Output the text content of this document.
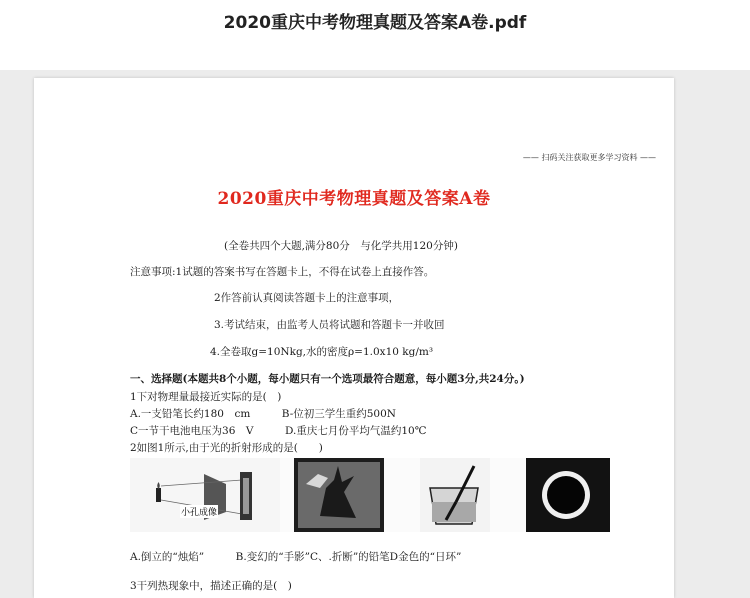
2020重庆中考物理真题及答案A卷.pdf
—— 扫码关注获取更多学习资料 ——
2020重庆中考物理真题及答案A卷
(全卷共四个大题,满分80分　与化学共用120分钟)
注意事项:1试题的答案书写在答题卡上，不得在试卷上直接作答。
2作答前认真阅读答题卡上的注意事项，
3.考试结束，由监考人员将试题和答题卡一并收回
4.全卷取g=10Nkg,水的密度ρ=1.0x10 kg/m³
一、选择题(本题共8个小题，每小题只有一个选项最符合题意，每小题3分,共24分。)
1下对物理量最接近实际的是(　)
A.一支铅笔长约180　cm　　　B-位初三学生重约500N
C一节干电池电压为36　V　　　D.重庆七月份平均气温约10℃
2如图1所示,由于光的折射形成的是(　　)
小孔成像
A.倒立的“烛焰”　　　B.变幻的“手影”C、.折断”的铅笔D金色的“日环”
3干列热现象中，描述正确的是(　)
